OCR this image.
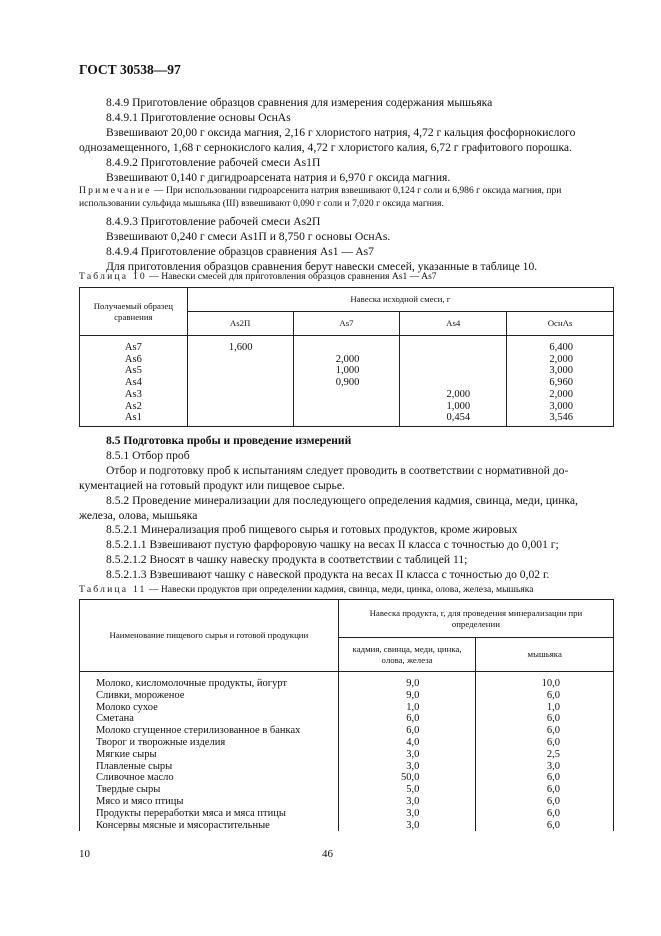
ГОСТ 30538—97
8.4.9 Приготовление образцов сравнения для измерения содержания мышьяка
8.4.9.1 Приготовление основы ОснAs
Взвешивают 20,00 г оксида магния, 2,16 г хлористого натрия, 4,72 г кальция фосфорнокислого
однозамещенного, 1,68 г сернокислого калия, 4,72 г хлористого калия, 6,72 г графитового порошка.
8.4.9.2 Приготовление рабочей смеси As1П
Взвешивают 0,140 г дигидроарсената натрия и 6,970 г оксида магния.
Примечание — При использовании гидроарсенита натрия взвешивают 0,124 г соли и 6,986 г оксида магния, при использовании сульфида мышьяка (III) взвешивают 0,090 г соли и 7,020 г оксида магния.
8.4.9.3 Приготовление рабочей смеси As2П
Взвешивают 0,240 г смеси As1П и 8,750 г основы ОснAs.
8.4.9.4 Приготовление образцов сравнения As1 — As7
Для приготовления образцов сравнения берут навески смесей, указанные в таблице 10.
Таблица 10 — Навески смесей для приготовления образцов сравнения As1 — As7
Получаемый образец сравнения	Навеска исходной смеси, г			
	As2П	As7	As4	ОснAs
As7	1,600			6,400
As6		2,000		2,000
As5		1,000		3,000
As4		0,900		6,960
As3			2,000	2,000
As2			1,000	3,000
As1			0,454	3,546
8.5 Подготовка пробы и проведение измерений
8.5.1 Отбор проб
Отбор и подготовку проб к испытаниям следует проводить в соответствии с нормативной до-
кументацией на готовый продукт или пищевое сырье.
8.5.2 Проведение минерализации для последующего определения кадмия, свинца, меди, цинка,
железа, олова, мышьяка
8.5.2.1 Минерализация проб пищевого сырья и готовых продуктов, кроме жировых
8.5.2.1.1 Взвешивают пустую фарфоровую чашку на весах II класса с точностью до 0,001 г;
8.5.2.1.2 Вносят в чашку навеску продукта в соответствии с таблицей 11;
8.5.2.1.3 Взвешивают чашку с навеской продукта на весах II класса с точностью до 0,02 г.
Таблица 11 — Навески продуктов при определении кадмия, свинца, меди, цинка, олова, железа, мышьяка
Наименование пищевого сырья и готовой продукции	Навеска продукта, г, для проведения минерализации при определении	
	кадмия, свинца, меди, цинка, олова, железа	мышьяка
Молоко, кисломолочные продукты, йогурт	9,0	10,0
Сливки, мороженое	9,0	6,0
Молоко сухое	1,0	1,0
Сметана	6,0	6,0
Молоко сгущенное стерилизованное в банках	6,0	6,0
Творог и творожные изделия	4,0	6,0
Мягкие сыры	3,0	2,5
Плавленые сыры	3,0	3,0
Сливочное масло	50,0	6,0
Твердые сыры	5,0	6,0
Мясо и мясо птицы	3,0	6,0
Продукты переработки мяса и мяса птицы	3,0	6,0
Консервы мясные и мясорастительные	3,0	6,0
10	46
